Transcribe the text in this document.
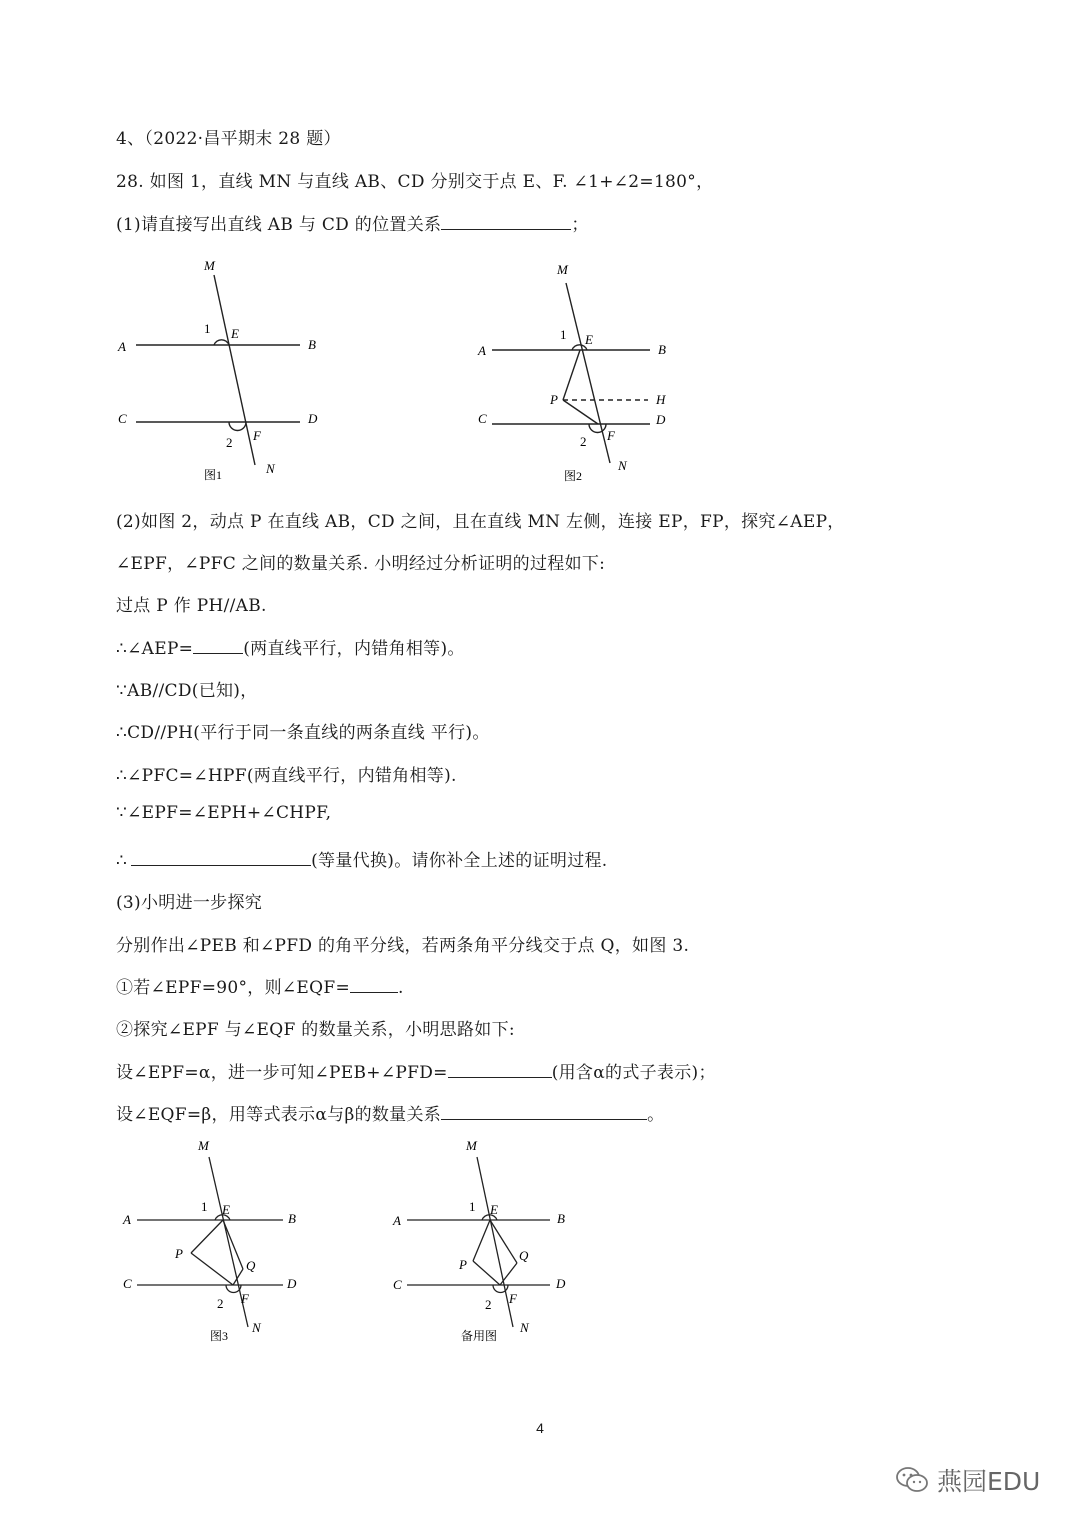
4、（2022·昌平期末 28 题）
28. 如图 1，直线 MN 与直线 AB、CD 分别交于点 E、F. ∠1+∠2=180°，
(1)请直接写出直线 AB 与 CD 的位置关系	；
M
1 E
A	B
C	D
2 F
N
图1
M
1 E
A	B
P	H
C	D
2 F
N
图2
(2)如图 2，动点 P 在直线 AB，CD 之间，且在直线 MN 左侧，连接 EP，FP，探究∠AEP，
∠EPF，∠PFC 之间的数量关系. 小明经过分析证明的过程如下:
过点 P 作 PH//AB.
∴∠AEP=	(两直线平行，内错角相等)。
∵AB//CD(已知)，
∴CD//PH(平行于同一条直线的两条直线 平行)。
∴∠PFC=∠HPF(两直线平行，内错角相等).
∵∠EPF=∠EPH+∠CHPF,
∴	(等量代换)。请你补全上述的证明过程.
(3)小明进一步探究
分别作出∠PEB 和∠PFD 的角平分线，若两条角平分线交于点 Q，如图 3.
①若∠EPF=90°，则∠EQF=	.
②探究∠EPF 与∠EQF 的数量关系，小明思路如下:
设∠EPF=α，进一步可知∠PEB+∠PFD=	(用含α的式子表示)；
设∠EQF=β，用等式表示α与β的数量关系	。
M
1 E
A	B
P
Q
C	D
2 F
N
图3
M
1 E
A	B
P
Q
C	D
2 F
N
备用图
4
燕园EDU
